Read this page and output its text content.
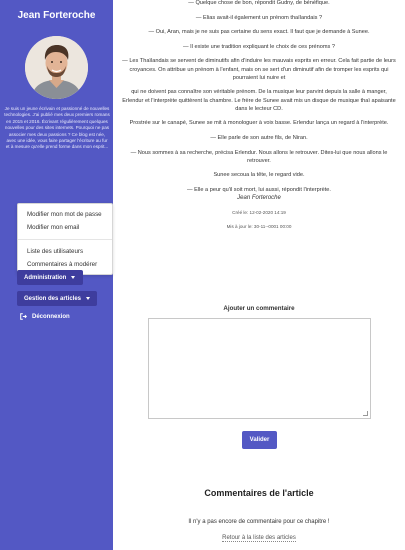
Jean Forteroche
Je suis un jeune écrivain et passionné de nouvelles technologies. J'ai publié mes deux premiers romans en 2015 et 2016. Écrivant régulièrement quelques nouvelles pour des sites internets. Pourquoi ne pas associer mes deux passions ? Ce blog est née, avec une idée, vous faire partager l'écriture au fur et à mesure qu'elle prend forme dans mon esprit...
Modifier mon mot de passe
Modifier mon email
Liste des utilisateurs
Commentaires à modérer
Administration
Gestion des articles
Déconnexion

— Quelque chose de bon, répondit Gudny, de bénéfique.

— Elias avait-il également un prénom thaïlandais ?

— Oui, Aran, mais je ne suis pas certaine du sens exact. Il faut que je demande à Sunee.

— Il existe une tradition expliquant le choix de ces prénoms ?

— Les Thaïlandais se servent de diminutifs afin d'induire les mauvais esprits en erreur. Cela fait partie de leurs croyances. On attribue un prénom à l'enfant, mais on se sert d'un diminutif afin de tromper les esprits qui pourraient lui nuire et

qui ne doivent pas connaître son véritable prénom. De la musique leur parvint depuis la salle à manger, Erlendur et l'interprète quittèrent la chambre. Le frère de Sunee avait mis un disque de musique thaï apaisante dans le lecteur CD.

Prostrée sur le canapé, Sunee se mit à monologuer à voix basse. Erlendur lança un regard à l'interprète.

— Elle parle de son autre fils, de Niran.

— Nous sommes à sa recherche, précisa Erlendur. Nous allons le retrouver. Dites-lui que nous allons le retrouver.

Sunee secoua la tête, le regard vide.

— Elle a peur qu'il soit mort, lui aussi, répondit l'interprète.

Jean Forteroche

Créé le: 12-02-2020 14:19

Mis à jour le: 30-11--0001 00:00

Ajouter un commentaire
Valider
Commentaires de l'article
Il n'y a pas encore de commentaire pour ce chapitre !
Retour à la liste des articles
